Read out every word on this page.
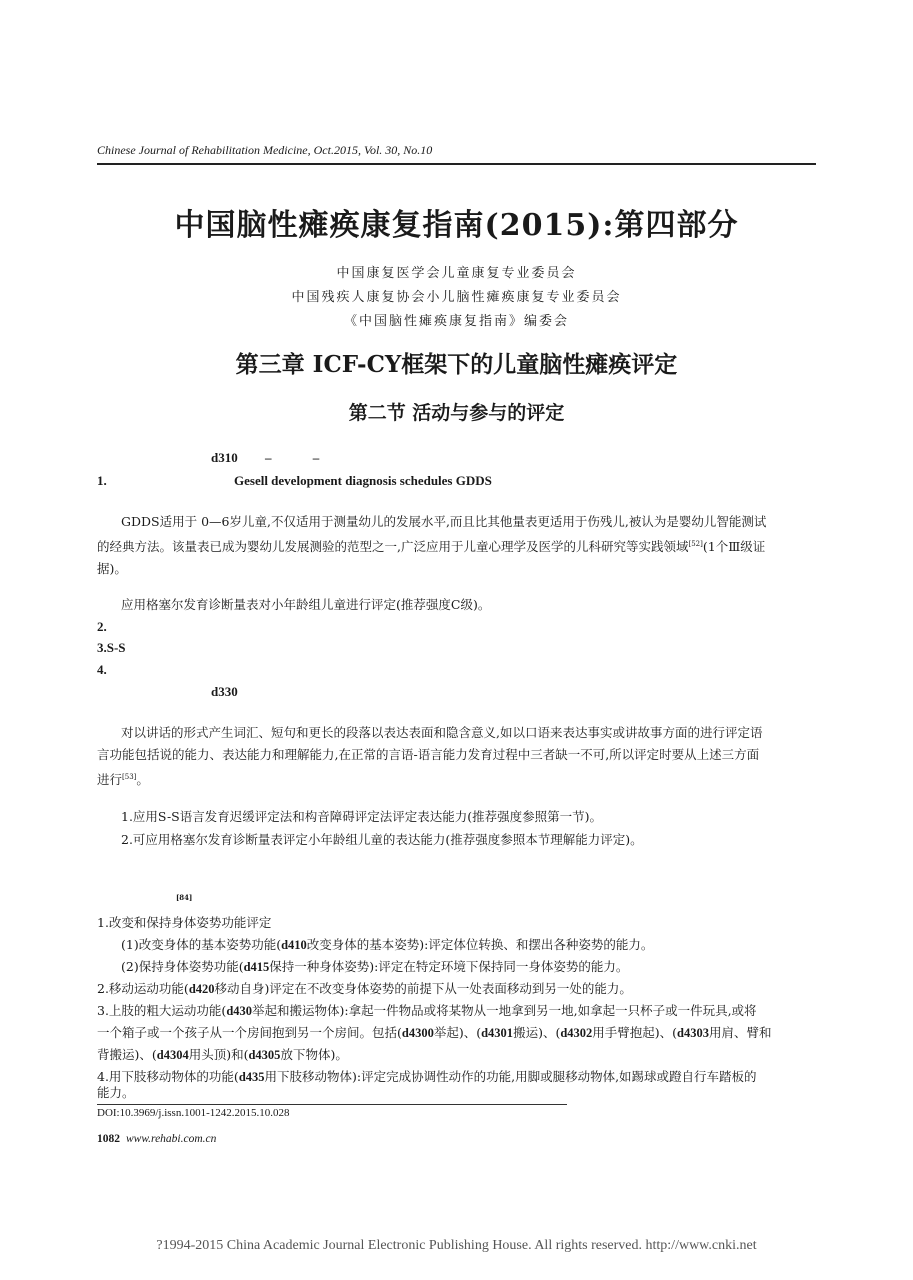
Chinese Journal of Rehabilitation Medicine, Oct.2015, Vol. 30, No.10
中国脑性瘫痪康复指南(2015):第四部分
中国康复医学会儿童康复专业委员会
中国残疾人康复协会小儿脑性瘫痪康复专业委员会
《中国脑性瘫痪康复指南》编委会
第三章 ICF-CY框架下的儿童脑性瘫痪评定
第二节 活动与参与的评定
d310 –	–
1.	Gesell development diagnosis schedules GDDS
GDDS适用于 0—6岁儿童,不仅适用于测量幼儿的发展水平,而且比其他量表更适用于伤残儿,被认为是婴幼儿智能测试
的经典方法。该量表已成为婴幼儿发展测验的范型之一,广泛应用于儿童心理学及医学的儿科研究等实践领域[52](1个Ⅲ级证
据)。
应用格塞尔发育诊断量表对小年龄组儿童进行评定(推荐强度C级)。
2.
3.S-S
4.
d330
对以讲话的形式产生词汇、短句和更长的段落以表达表面和隐含意义,如以口语来表达事实或讲故事方面的进行评定语
言功能包括说的能力、表达能力和理解能力,在正常的言语-语言能力发育过程中三者缺一不可,所以评定时要从上述三方面
进行[53]。
1.应用S-S语言发育迟缓评定法和构音障碍评定法评定表达能力(推荐强度参照第一节)。
2.可应用格塞尔发育诊断量表评定小年龄组儿童的表达能力(推荐强度参照本节理解能力评定)。
[84]
1.改变和保持身体姿势功能评定
(1)改变身体的基本姿势功能(d410改变身体的基本姿势):评定体位转换、和摆出各种姿势的能力。
(2)保持身体姿势功能(d415保持一种身体姿势):评定在特定环境下保持同一身体姿势的能力。
2.移动运动功能(d420移动自身)评定在不改变身体姿势的前提下从一处表面移动到另一处的能力。
3.上肢的粗大运动功能(d430举起和搬运物体):拿起一件物品或将某物从一地拿到另一地,如拿起一只杯子或一件玩具,或将
一个箱子或一个孩子从一个房间抱到另一个房间。包括(d4300举起)、(d4301搬运)、(d4302用手臂抱起)、(d4303用肩、臂和
背搬运)、(d4304用头顶)和(d4305放下物体)。
4.用下肢移动物体的功能(d435用下肢移动物体):评定完成协调性动作的功能,用脚或腿移动物体,如踢球或蹬自行车踏板的
能力。
DOI:10.3969/j.issn.1001-1242.2015.10.028
1082 www.rehabi.com.cn
?1994-2015 China Academic Journal Electronic Publishing House. All rights reserved. http://www.cnki.net
